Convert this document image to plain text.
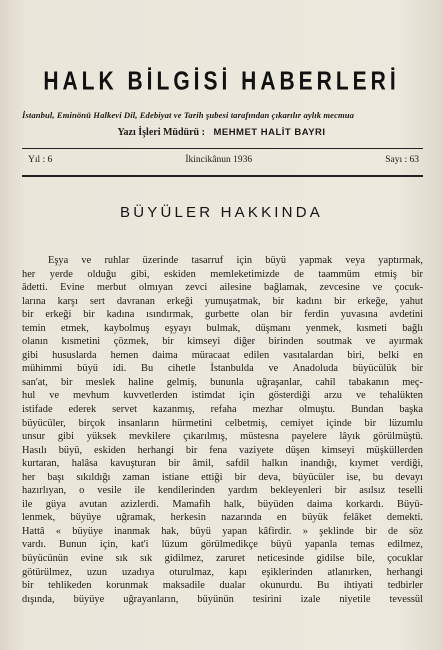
HALK BİLGİSİ HABERLERİ
İstanbul, Eminönü Halkevi Dil, Edebiyat ve Tarih şubesi tarafından çıkarılır aylık mecmua
Yazı İşleri Müdürü : MEHMET HALİT BAYRI
Yıl : 6	İkincikânun 1936	Sayı : 63
BÜYÜLER HAKKINDA
Eşya ve ruhlar üzerinde tasarruf için büyü yapmak veya yaptırmak,
her yerde olduğu gibi, eskiden memleketimizde de taammüm etmiş bir
âdetti. Evine merbut olmıyan zevci ailesine bağlamak, zevcesine ve çocuk-
larına karşı sert davranan erkeği yumuşatmak, bir kadını bir erkeğe, yahut
bir erkeği bir kadına ısındırmak, gurbette olan bir ferdin yuvasına avdetini
temin etmek, kaybolmuş eşyayı bulmak, düşmanı yenmek, kısmeti bağlı
olanın kısmetini çözmek, bir kimseyi diğer birinden soutmak ve ayırmak
gibi hususlarda hemen daima müracaat edilen vasıtalardan biri, belki en
mühimmi büyü idi. Bu cihetle İstanbulda ve Anadoluda büyücülük bir
san'at, bir meslek haline gelmiş, bununla uğraşanlar, cahil tabakanın meç-
hul ve mevhum kuvvetlerden istimdat için gösterdiği arzu ve tehalükten
istifade ederek servet kazanmış, refaha mezhar olmuştu. Bundan başka
büyücüler, birçok insanların hürmetini celbetmiş, cemiyet içinde bir lüzumlu
unsur gibi yüksek mevkilere çıkarılmış, müstesna payelere lâyık görülmüştü.
Hasılı büyü, eskiden herhangi bir fena vaziyete düşen kimseyi müşküllerden
kurtaran, halâsa kavuşturan bir âmil, safdil halkın inandığı, kıymet verdiği,
her başı sıkıldığı zaman istiane ettiği bir deva, büyücüler ise, bu devayı
hazırlıyan, o vesile ile kendilerinden yardım bekleyenleri bir asılsız teselli
ile güya avutan azizlerdi. Mamafih halk, büyüden daima korkardı. Büyü-
lenmek, büyüye uğramak, herkesin nazarında en büyük felâket demekti.
Hattâ « büyüye inanmak hak, büyü yapan kâfirdir. » şeklinde bir de söz
vardı. Bunun için, kat'i lüzum görülmedikçe büyü yapanla temas edilmez,
büyücünün evine sık sık gidilmez, zaruret neticesinde gidilse bile, çocuklar
götürülmez, uzun uzadıya oturulmaz, kapı eşiklerinden atlanırken, herhangi
bir tehlikeden korunmak maksadile dualar okunurdu. Bu ihtiyati tedbirler
dışında, büyüye uğrayanların, büyünün tesirini izale niyetile tevessül
